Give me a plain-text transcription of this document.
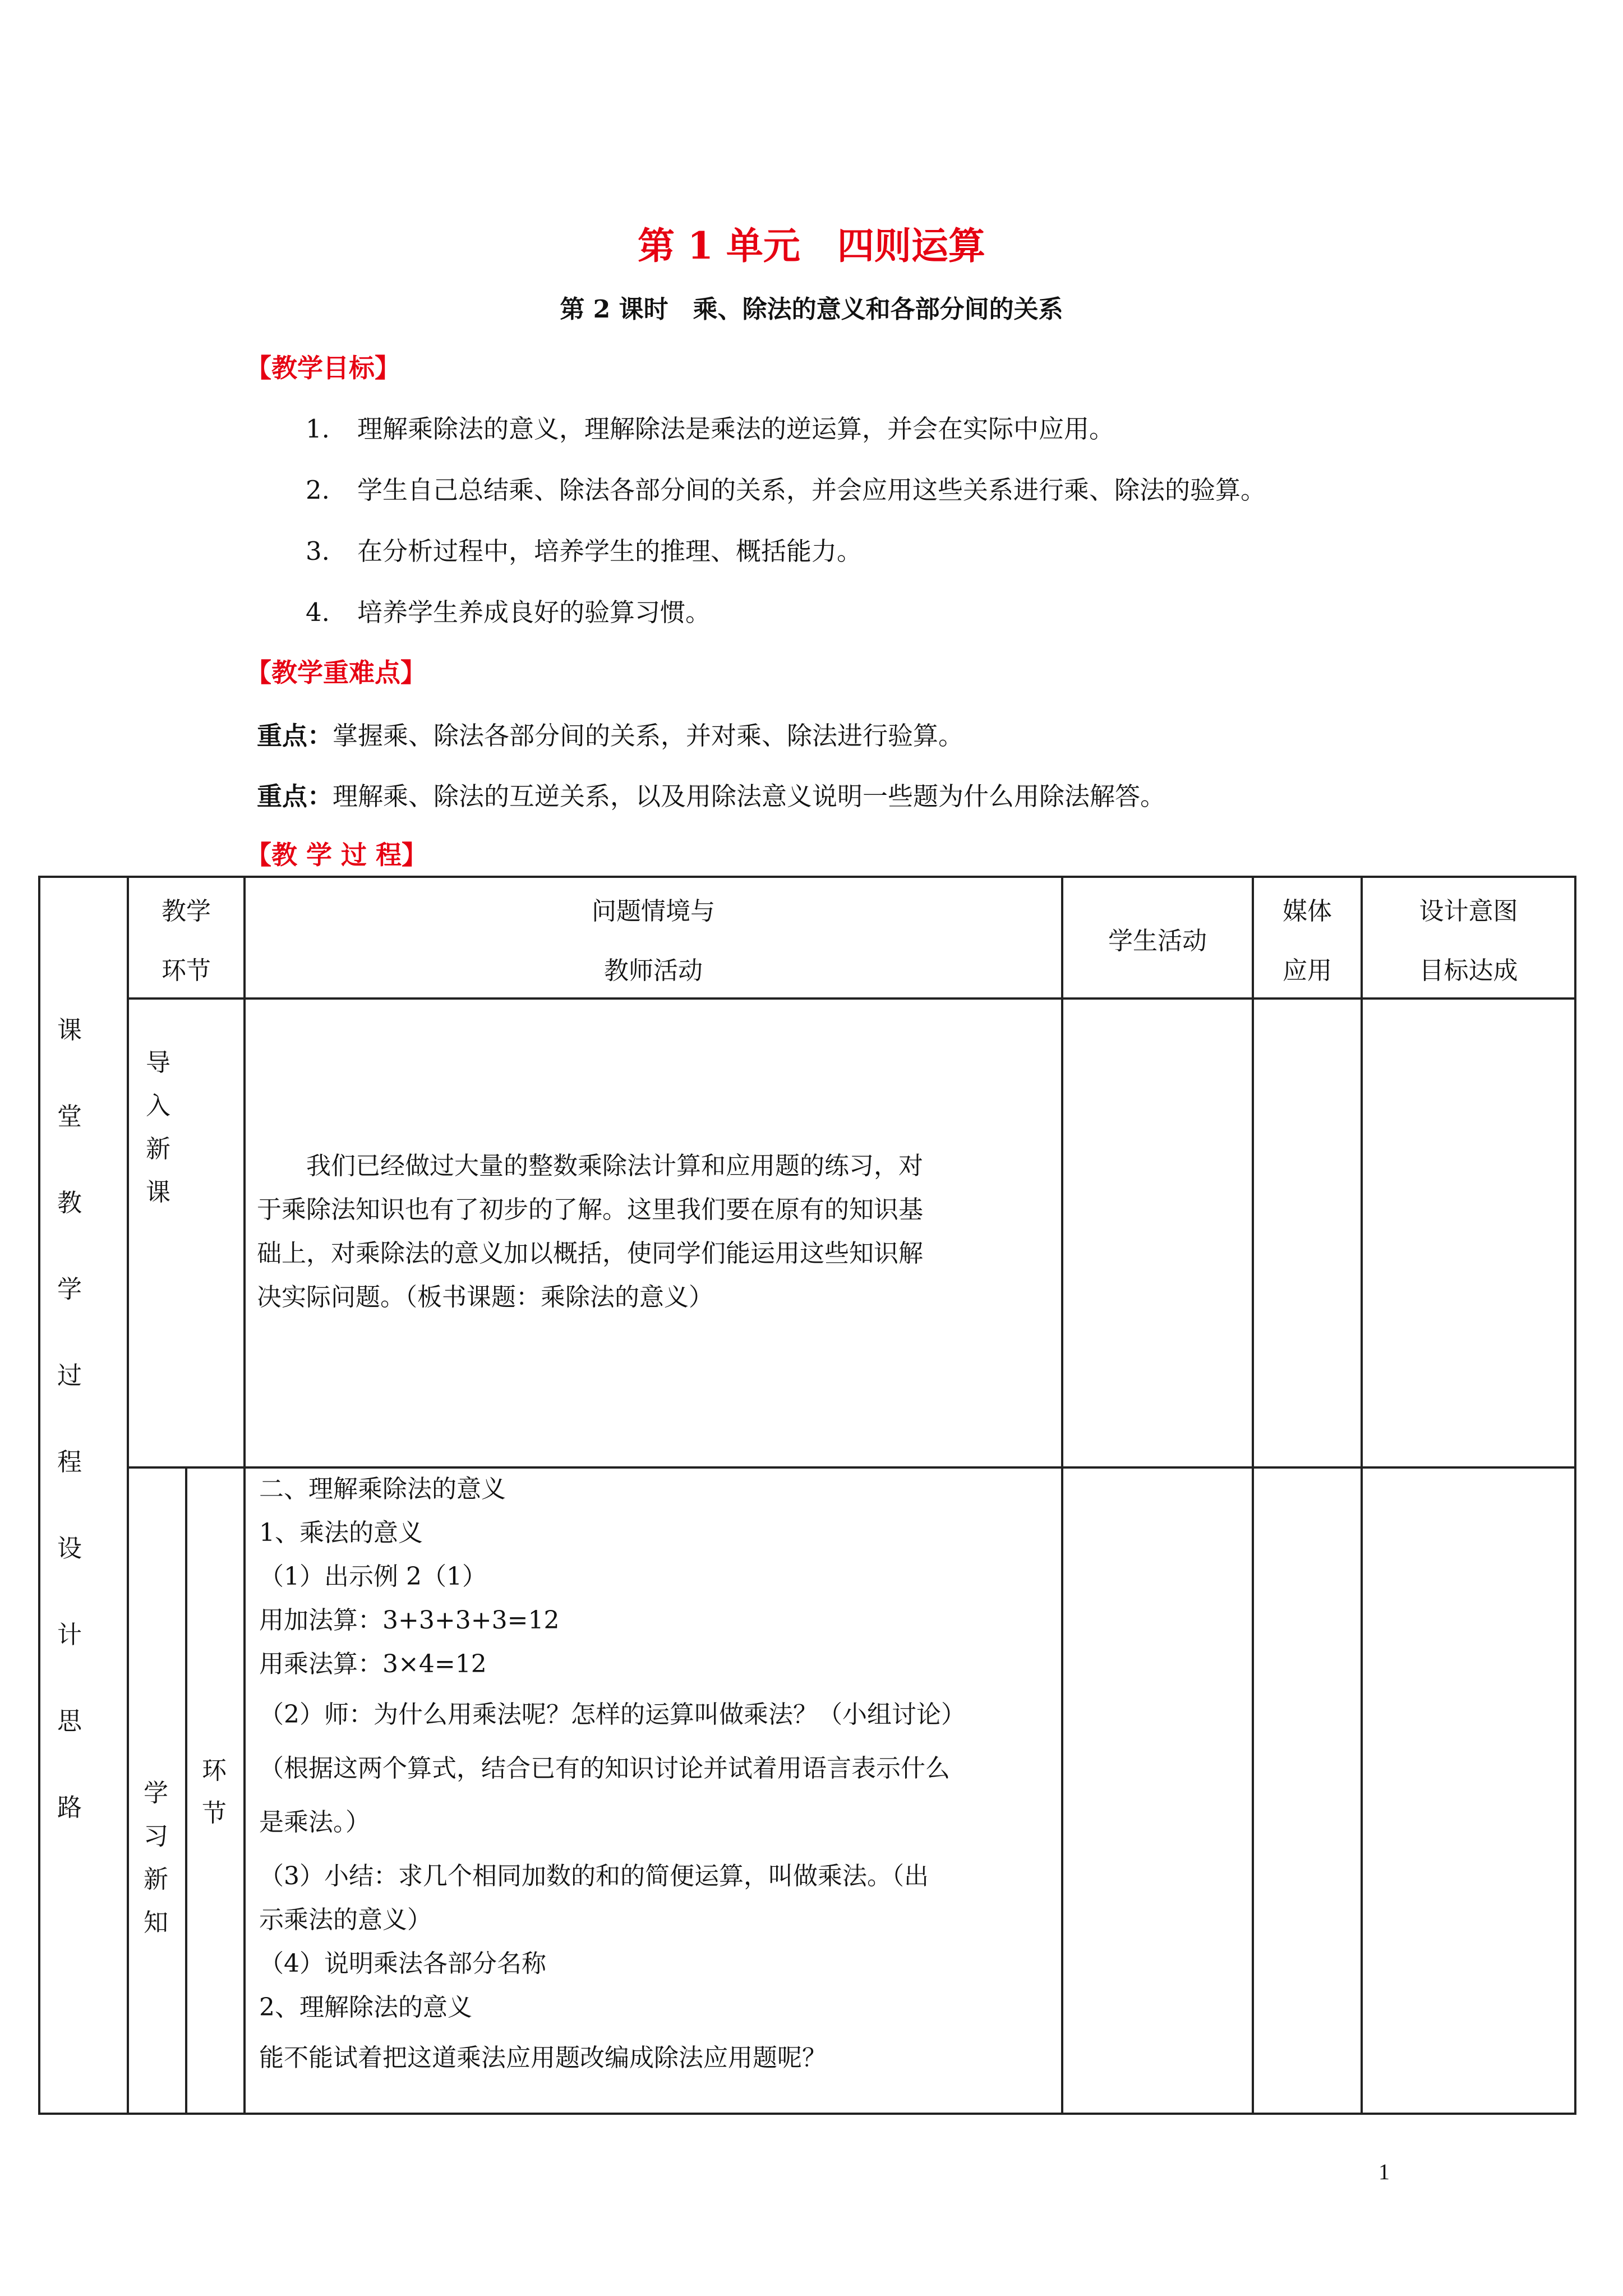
第 1 单元　四则运算
第 2 课时　乘、除法的意义和各部分间的关系
【教学目标】
1. 理解乘除法的意义，理解除法是乘法的逆运算，并会在实际中应用。
2. 学生自己总结乘、除法各部分间的关系，并会应用这些关系进行乘、除法的验算。
3. 在分析过程中，培养学生的推理、概括能力。
4. 培养学生养成良好的验算习惯。
【教学重难点】
重点：掌握乘、除法各部分间的关系，并对乘、除法进行验算。
重点：理解乘、除法的互逆关系，以及用除法意义说明一些题为什么用除法解答。
【教 学 过 程】
教学
环节
问题情境与
教师活动
学生活动
媒体
应用
设计意图
目标达成
课
堂
教
学
过
程
设
计
思
路
导
入
新
课
我们已经做过大量的整数乘除法计算和应用题的练习，对
于乘除法知识也有了初步的了解。这里我们要在原有的知识基
础上，对乘除法的意义加以概括，使同学们能运用这些知识解
决实际问题。（板书课题：乘除法的意义）
学
习
新
知
环
节
二、理解乘除法的意义
1、乘法的意义
（1）出示例 2（1）
用加法算：3+3+3+3=12
用乘法算：3×4=12
（2）师：为什么用乘法呢？怎样的运算叫做乘法？（小组讨论）
（根据这两个算式，结合已有的知识讨论并试着用语言表示什么
是乘法。）
（3）小结：求几个相同加数的和的简便运算，叫做乘法。（出
示乘法的意义）
（4）说明乘法各部分名称
2、理解除法的意义
能不能试着把这道乘法应用题改编成除法应用题呢？
1
